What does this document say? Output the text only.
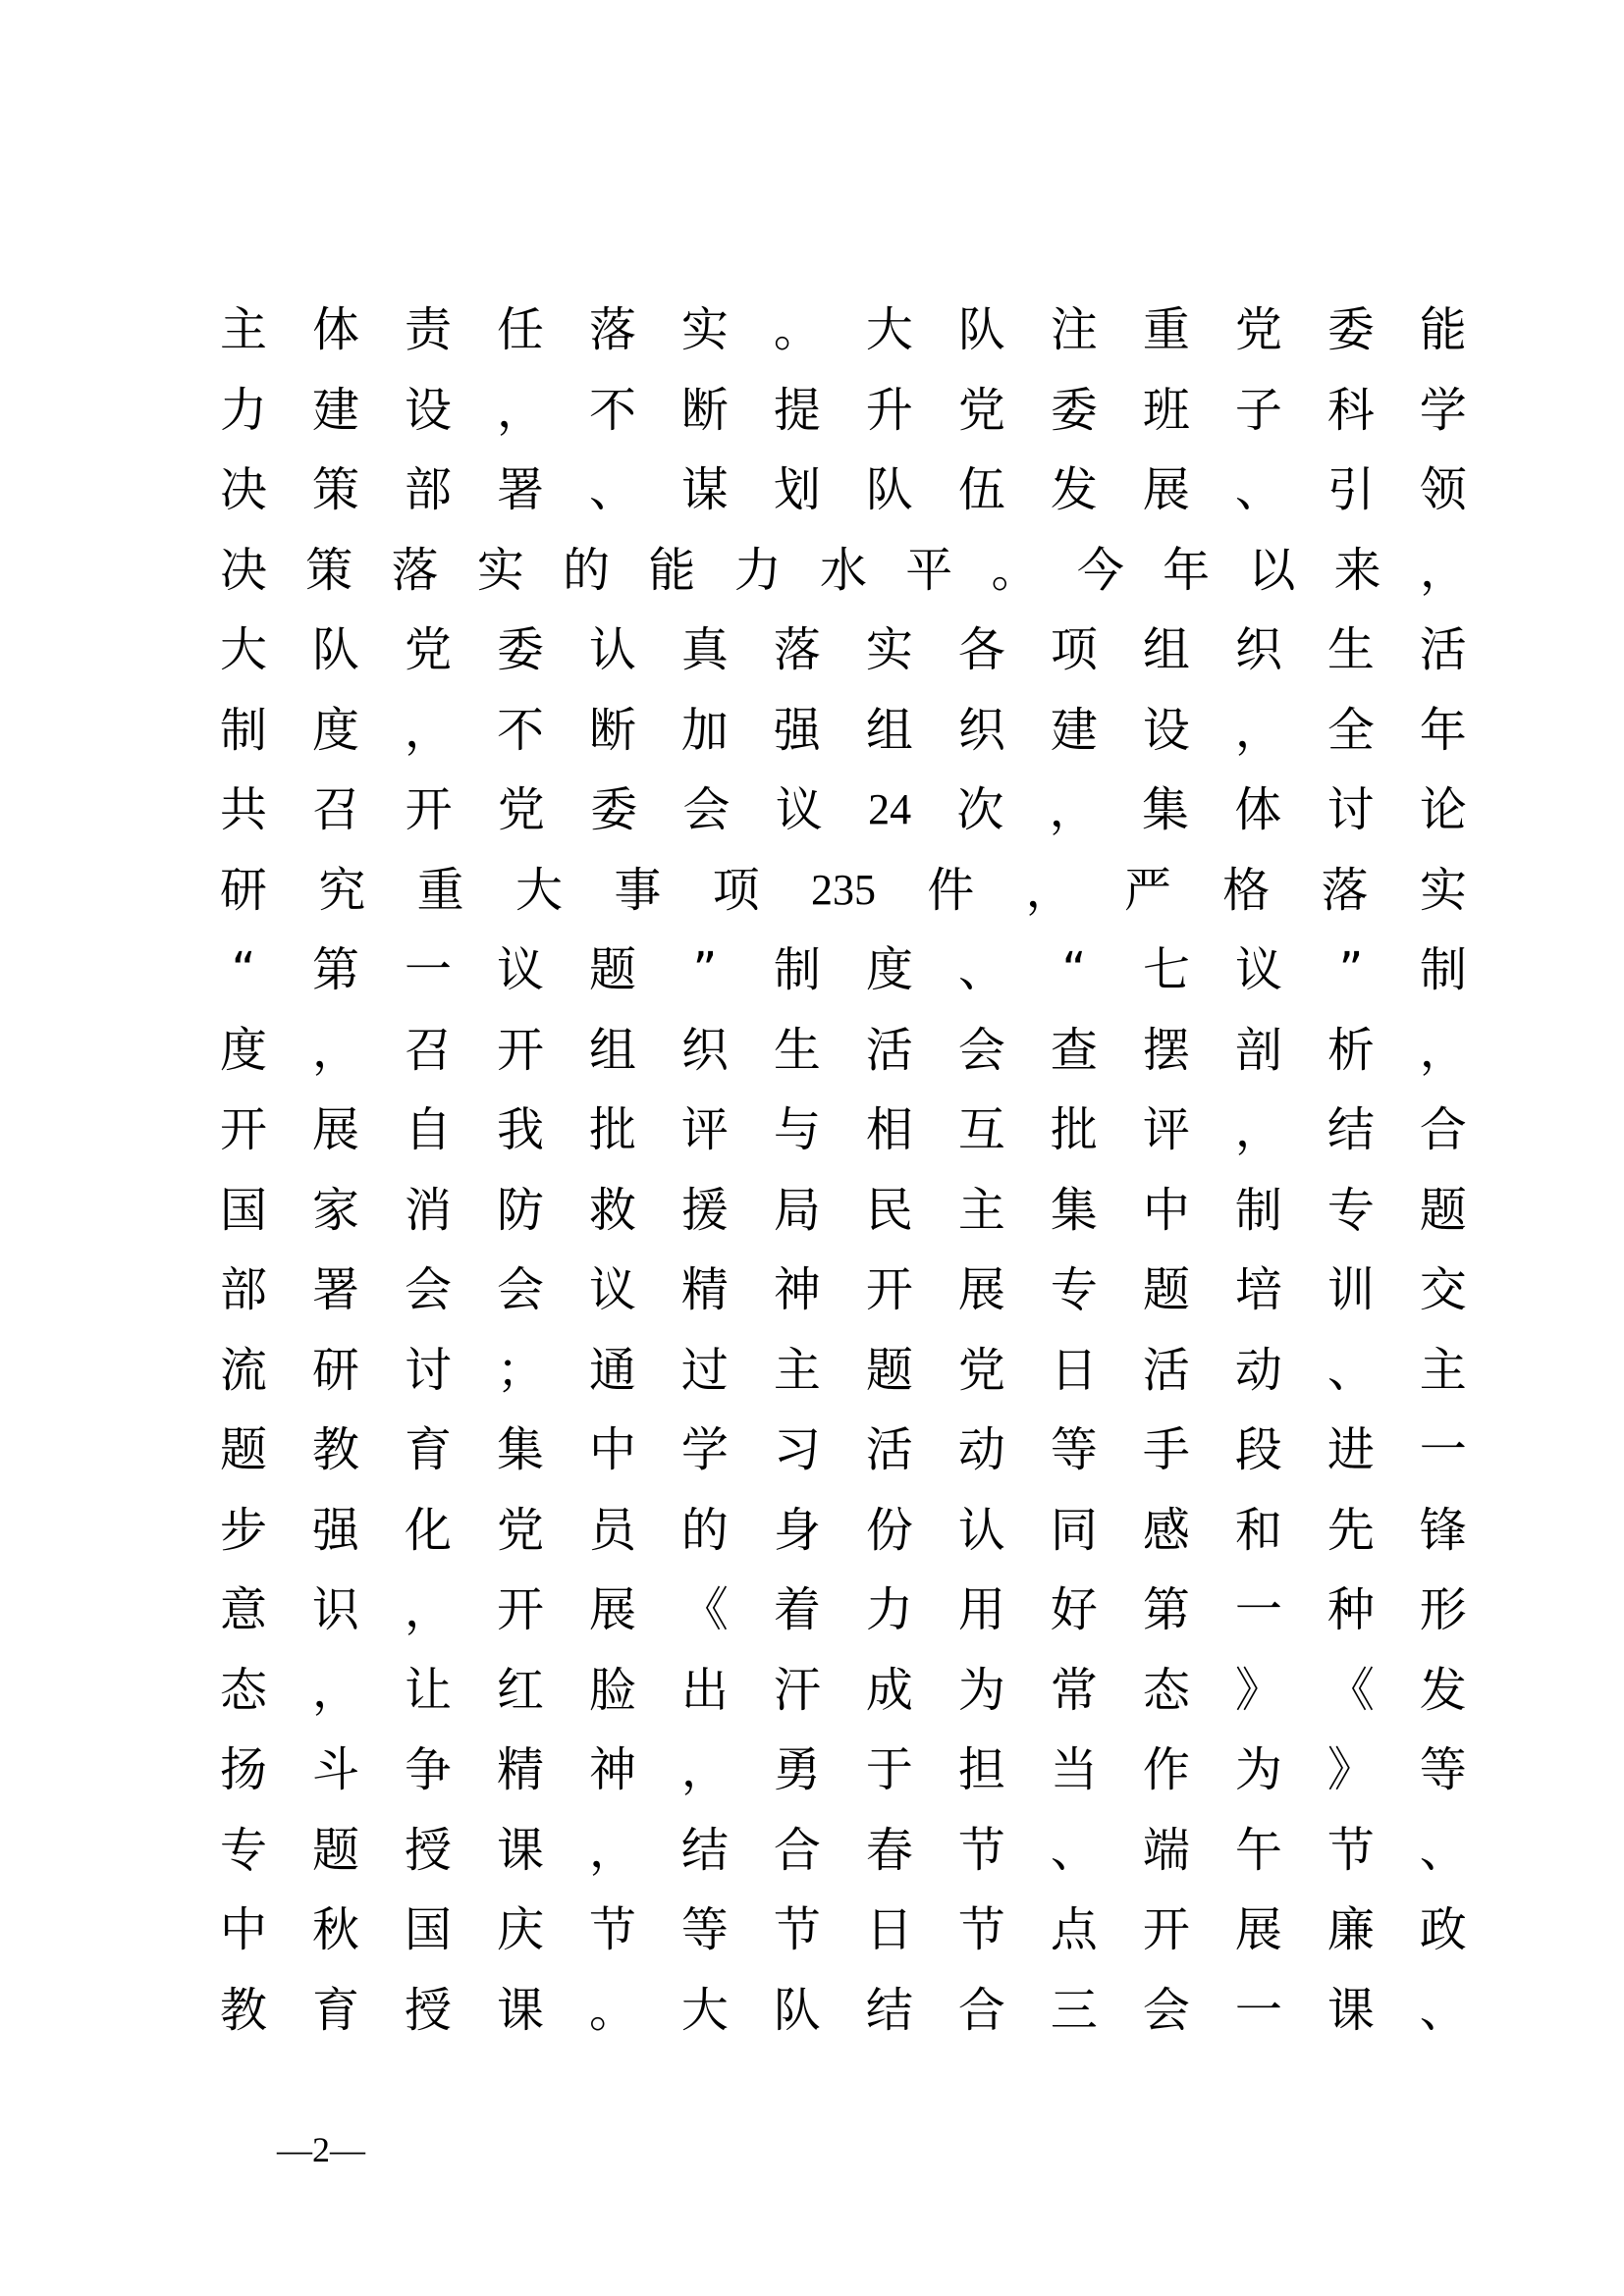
主 体 责 任 落 实 。 大 队 注 重 党 委 能
力 建 设 ， 不 断 提 升 党 委 班 子 科 学
决 策 部 署 、 谋 划 队 伍 发 展 、 引 领
决 策 落 实 的 能 力 水 平 。 今 年 以 来 ，
大 队 党 委 认 真 落 实 各 项 组 织 生 活
制 度 ， 不 断 加 强 组 织 建 设 ， 全 年
共 召 开 党 委 会 议 24 次 ， 集 体 讨 论
研 究 重 大 事 项 235 件 ， 严 格 落 实
“ 第 一 议 题 ” 制 度 、 “ 七 议 ” 制
度 ， 召 开 组 织 生 活 会 查 摆 剖 析 ，
开 展 自 我 批 评 与 相 互 批 评 ， 结 合
国 家 消 防 救 援 局 民 主 集 中 制 专 题
部 署 会 会 议 精 神 开 展 专 题 培 训 交
流 研 讨 ； 通 过 主 题 党 日 活 动 、 主
题 教 育 集 中 学 习 活 动 等 手 段 进 一
步 强 化 党 员 的 身 份 认 同 感 和 先 锋
意 识 ， 开 展 《 着 力 用 好 第 一 种 形
态 ， 让 红 脸 出 汗 成 为 常 态 》 《 发
扬 斗 争 精 神 ， 勇 于 担 当 作 为 》 等
专 题 授 课 ， 结 合 春 节 、 端 午 节 、
中 秋 国 庆 节 等 节 日 节 点 开 展 廉 政
教 育 授 课 。 大 队 结 合 三 会 一 课 、

—2—
